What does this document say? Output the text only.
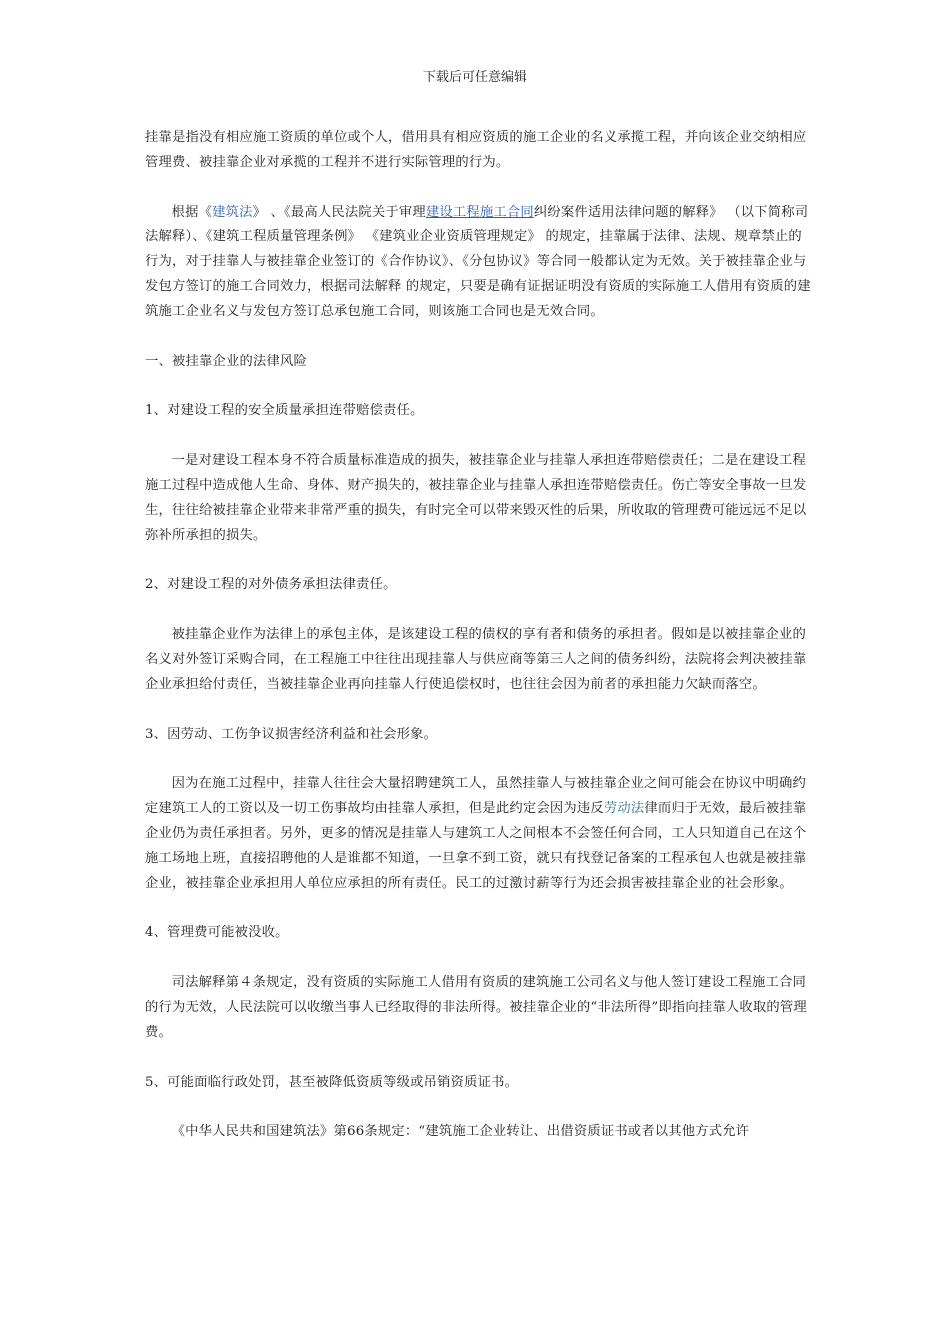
下载后可任意编辑

挂靠是指没有相应施工资质的单位或个人，借用具有相应资质的施工企业的名义承揽工程，并向该企业交纳相应管理费、被挂靠企业对承揽的工程并不进行实际管理的行为。

根据《建筑法》 、《最高人民法院关于审理建设工程施工合同纠纷案件适用法律问题的解释》 （以下简称司法解释）、《建筑工程质量管理条例》 《建筑业企业资质管理规定》 的规定，挂靠属于法律、法规、规章禁止的行为，对于挂靠人与被挂靠企业签订的《合作协议》、《分包协议》等合同一般都认定为无效。关于被挂靠企业与发包方签订的施工合同效力，根据司法解释 的规定，只要是确有证据证明没有资质的实际施工人借用有资质的建筑施工企业名义与发包方签订总承包施工合同，则该施工合同也是无效合同。

一、被挂靠企业的法律风险

1、对建设工程的安全质量承担连带赔偿责任。

一是对建设工程本身不符合质量标准造成的损失，被挂靠企业与挂靠人承担连带赔偿责任；二是在建设工程施工过程中造成他人生命、身体、财产损失的，被挂靠企业与挂靠人承担连带赔偿责任。伤亡等安全事故一旦发生，往往给被挂靠企业带来非常严重的损失，有时完全可以带来毁灭性的后果，所收取的管理费可能远远不足以弥补所承担的损失。

2、对建设工程的对外债务承担法律责任。

被挂靠企业作为法律上的承包主体，是该建设工程的债权的享有者和债务的承担者。假如是以被挂靠企业的名义对外签订采购合同，在工程施工中往往出现挂靠人与供应商等第三人之间的债务纠纷，法院将会判决被挂靠企业承担给付责任，当被挂靠企业再向挂靠人行使追偿权时，也往往会因为前者的承担能力欠缺而落空。

3、因劳动、工伤争议损害经济利益和社会形象。

因为在施工过程中，挂靠人往往会大量招聘建筑工人，虽然挂靠人与被挂靠企业之间可能会在协议中明确约定建筑工人的工资以及一切工伤事故均由挂靠人承担，但是此约定会因为违反劳动法律而归于无效，最后被挂靠企业仍为责任承担者。另外，更多的情况是挂靠人与建筑工人之间根本不会签任何合同，工人只知道自己在这个施工场地上班，直接招聘他的人是谁都不知道，一旦拿不到工资，就只有找登记备案的工程承包人也就是被挂靠企业，被挂靠企业承担用人单位应承担的所有责任。民工的过激讨薪等行为还会损害被挂靠企业的社会形象。

4、管理费可能被没收。

司法解释第４条规定，没有资质的实际施工人借用有资质的建筑施工公司名义与他人签订建设工程施工合同的行为无效，人民法院可以收缴当事人已经取得的非法所得。被挂靠企业的“非法所得”即指向挂靠人收取的管理费。

5、可能面临行政处罚，甚至被降低资质等级或吊销资质证书。

《中华人民共和国建筑法》第66条规定：“建筑施工企业转让、出借资质证书或者以其他方式允许
